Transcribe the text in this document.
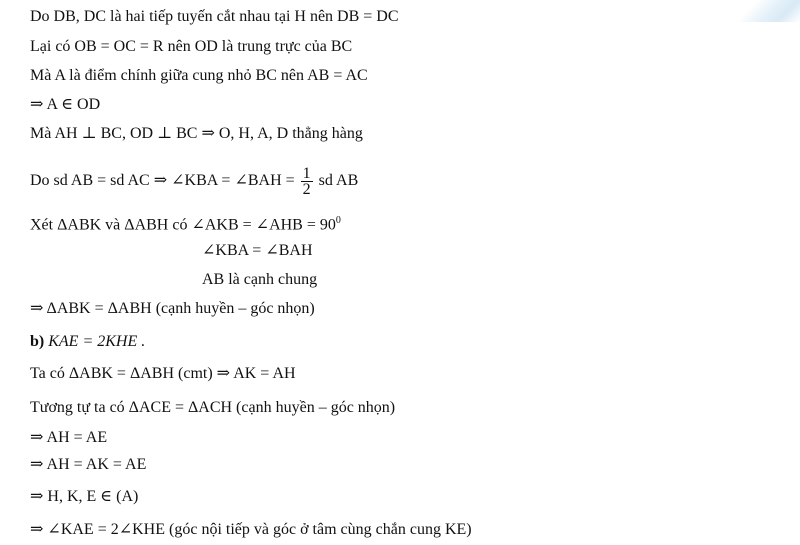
Do DB, DC là hai tiếp tuyến cắt nhau tại H nên DB = DC
Lại có OB = OC = R nên OD là trung trực của BC
Mà A là điểm chính giữa cung nhỏ BC nên AB = AC
⇒ A ∈ OD
Mà AH ⊥ BC, OD ⊥ BC ⇒ O, H, A, D thẳng hàng
Do sd AB = sd AC ⇒ ∠KBA = ∠BAH = $\frac{1}{2}$ sd AB
Xét ΔABK và ΔABH có ∠AKB = ∠AHB = $90^0$
∠KBA = ∠BAH
AB là cạnh chung
⇒ ΔABK = ΔABH (cạnh huyền – góc nhọn)
b) KAE = 2KHE .
Ta có ΔABK = ΔABH (cmt) ⇒ AK = AH
Tương tự ta có ΔACE = ΔACH (cạnh huyền – góc nhọn)
⇒ AH = AE
⇒ AH = AK = AE
⇒ H, K, E ∈ (A)
⇒ ∠KAE = 2∠KHE (góc nội tiếp và góc ở tâm cùng chắn cung KE)
